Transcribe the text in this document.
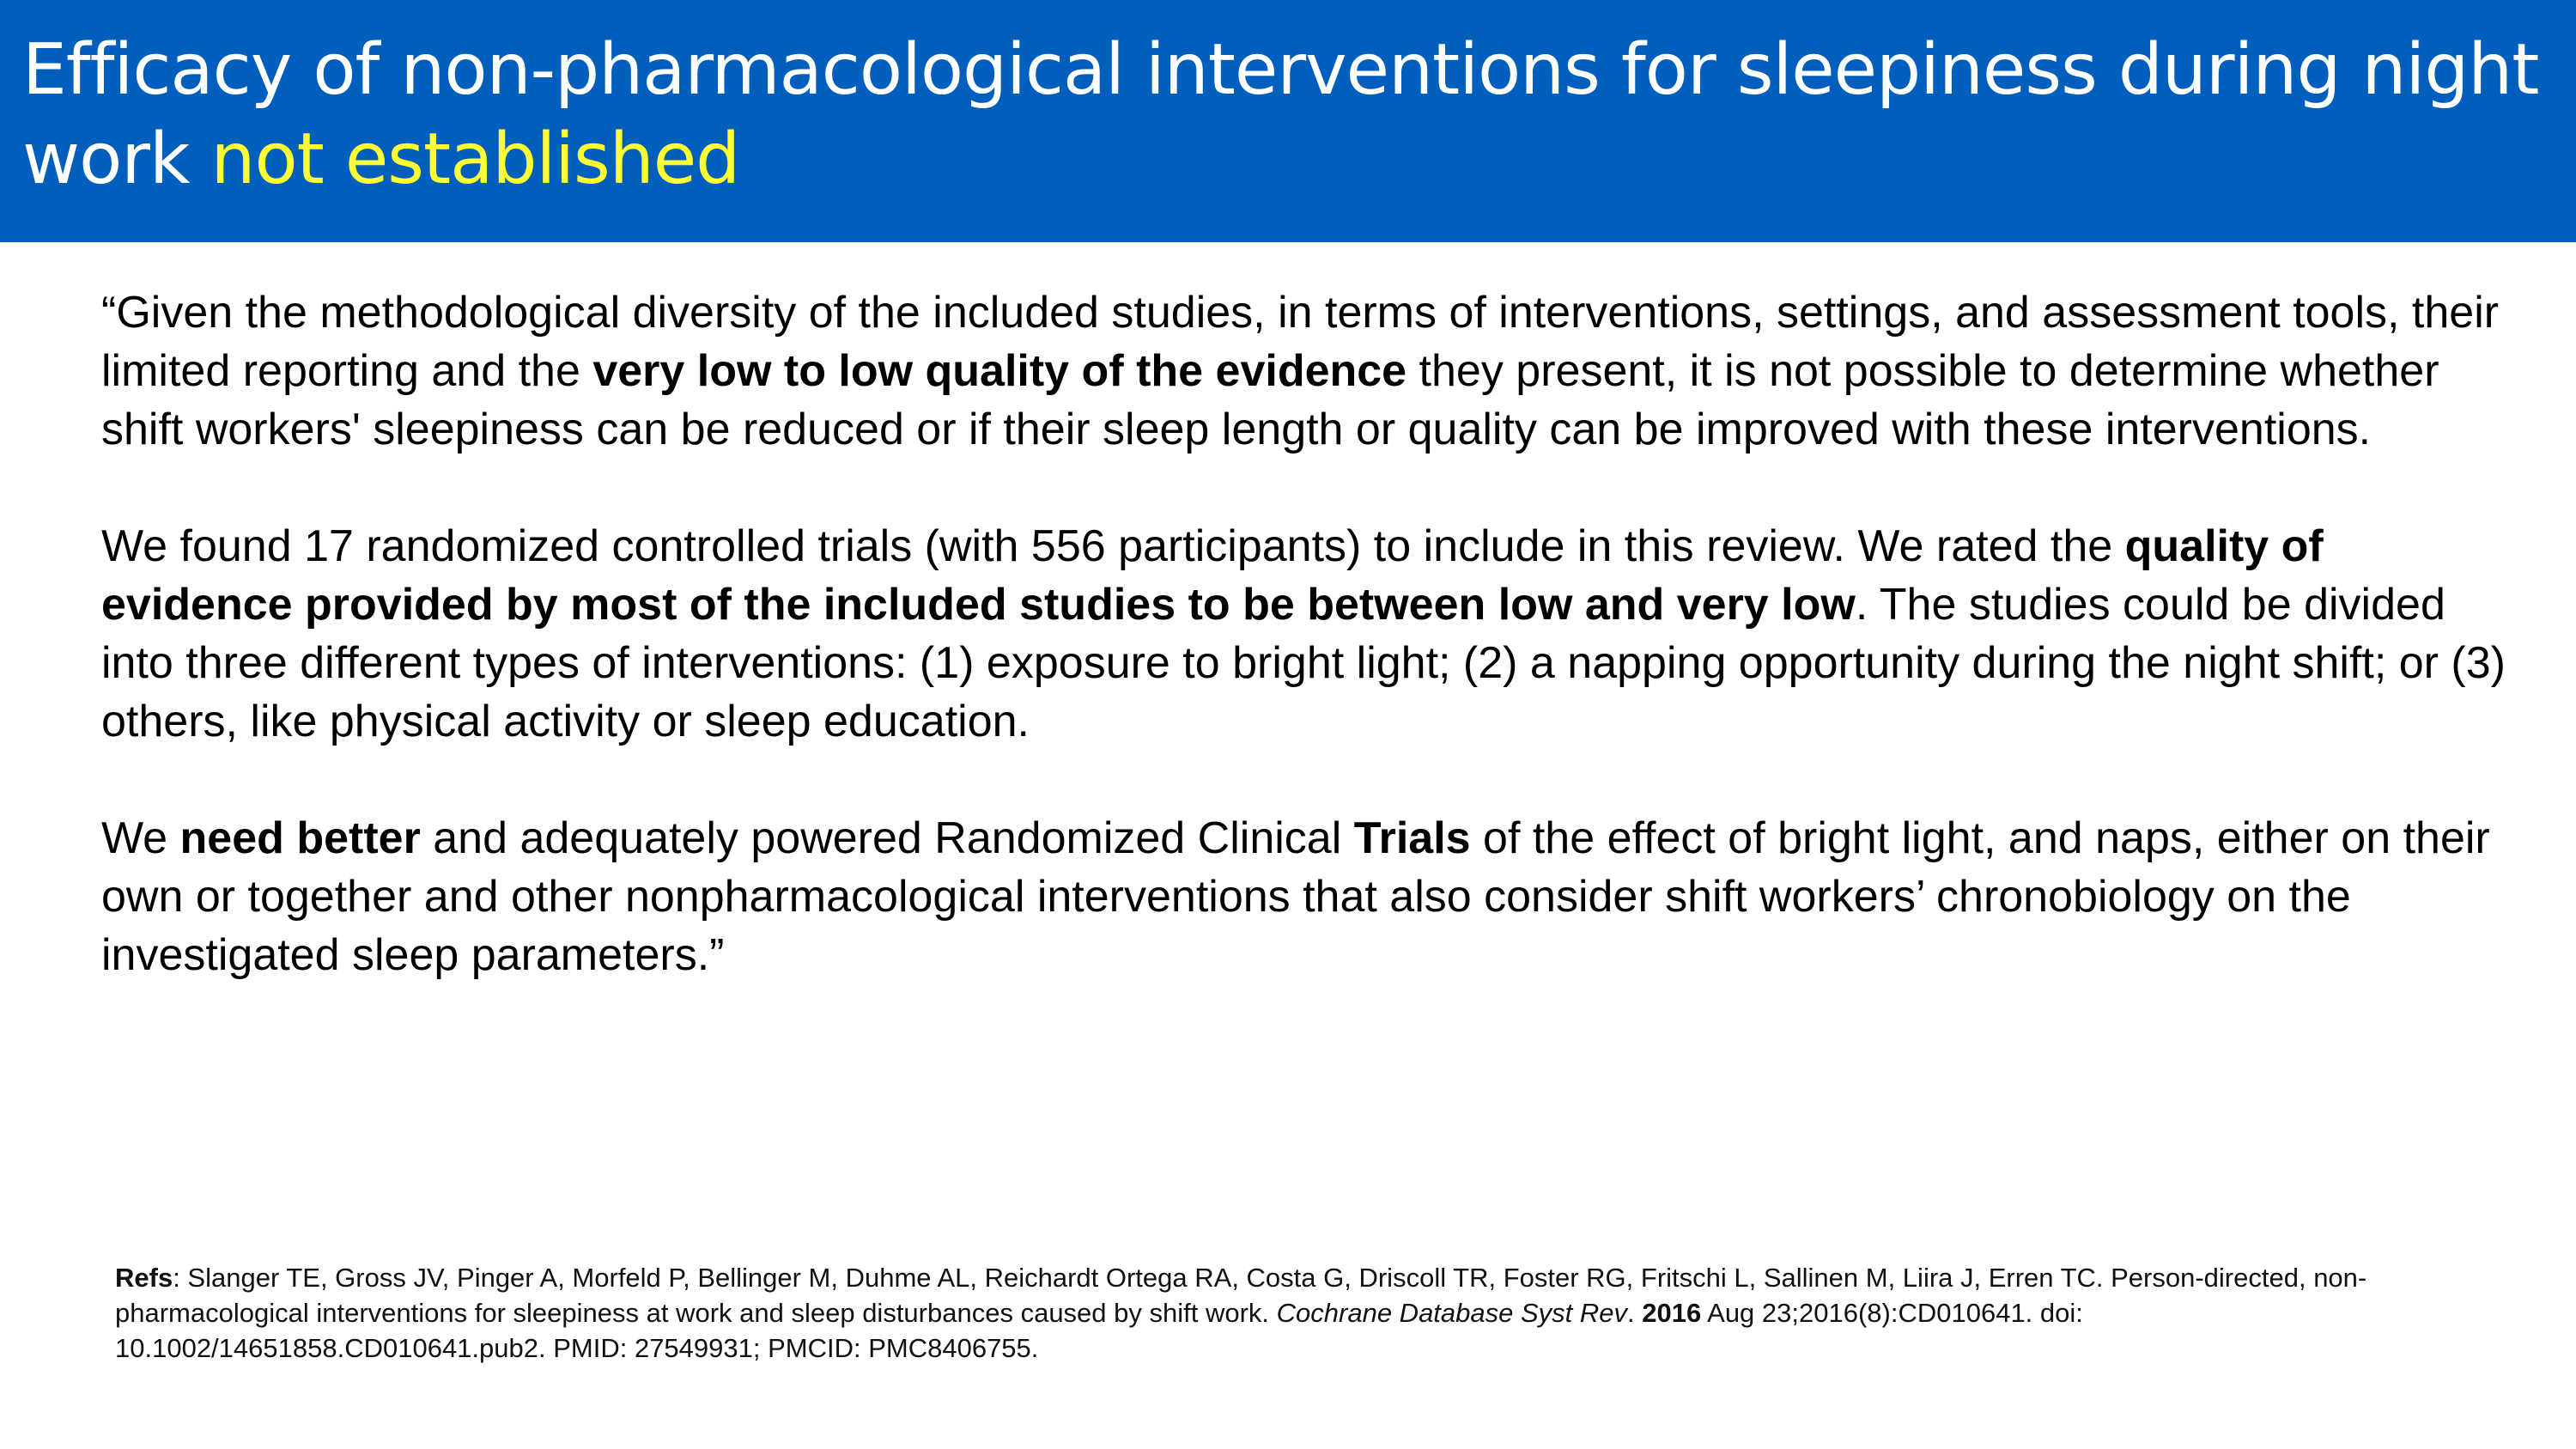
Efficacy of non-pharmacological interventions for sleepiness during night work not established

“Given the methodological diversity of the included studies, in terms of interventions, settings, and assessment tools, their limited reporting and the very low to low quality of the evidence they present, it is not possible to determine whether shift workers' sleepiness can be reduced or if their sleep length or quality can be improved with these interventions.

We found 17 randomized controlled trials (with 556 participants) to include in this review. We rated the quality of evidence provided by most of the included studies to be between low and very low. The studies could be divided into three different types of interventions: (1) exposure to bright light; (2) a napping opportunity during the night shift; or (3) others, like physical activity or sleep education.

We need better and adequately powered Randomized Clinical Trials of the effect of bright light, and naps, either on their own or together and other nonpharmacological interventions that also consider shift workers’ chronobiology on the investigated sleep parameters.”

Refs: Slanger TE, Gross JV, Pinger A, Morfeld P, Bellinger M, Duhme AL, Reichardt Ortega RA, Costa G, Driscoll TR, Foster RG, Fritschi L, Sallinen M, Liira J, Erren TC. Person-directed, non-pharmacological interventions for sleepiness at work and sleep disturbances caused by shift work. Cochrane Database Syst Rev. 2016 Aug 23;2016(8):CD010641. doi: 10.1002/14651858.CD010641.pub2. PMID: 27549931; PMCID: PMC8406755.
